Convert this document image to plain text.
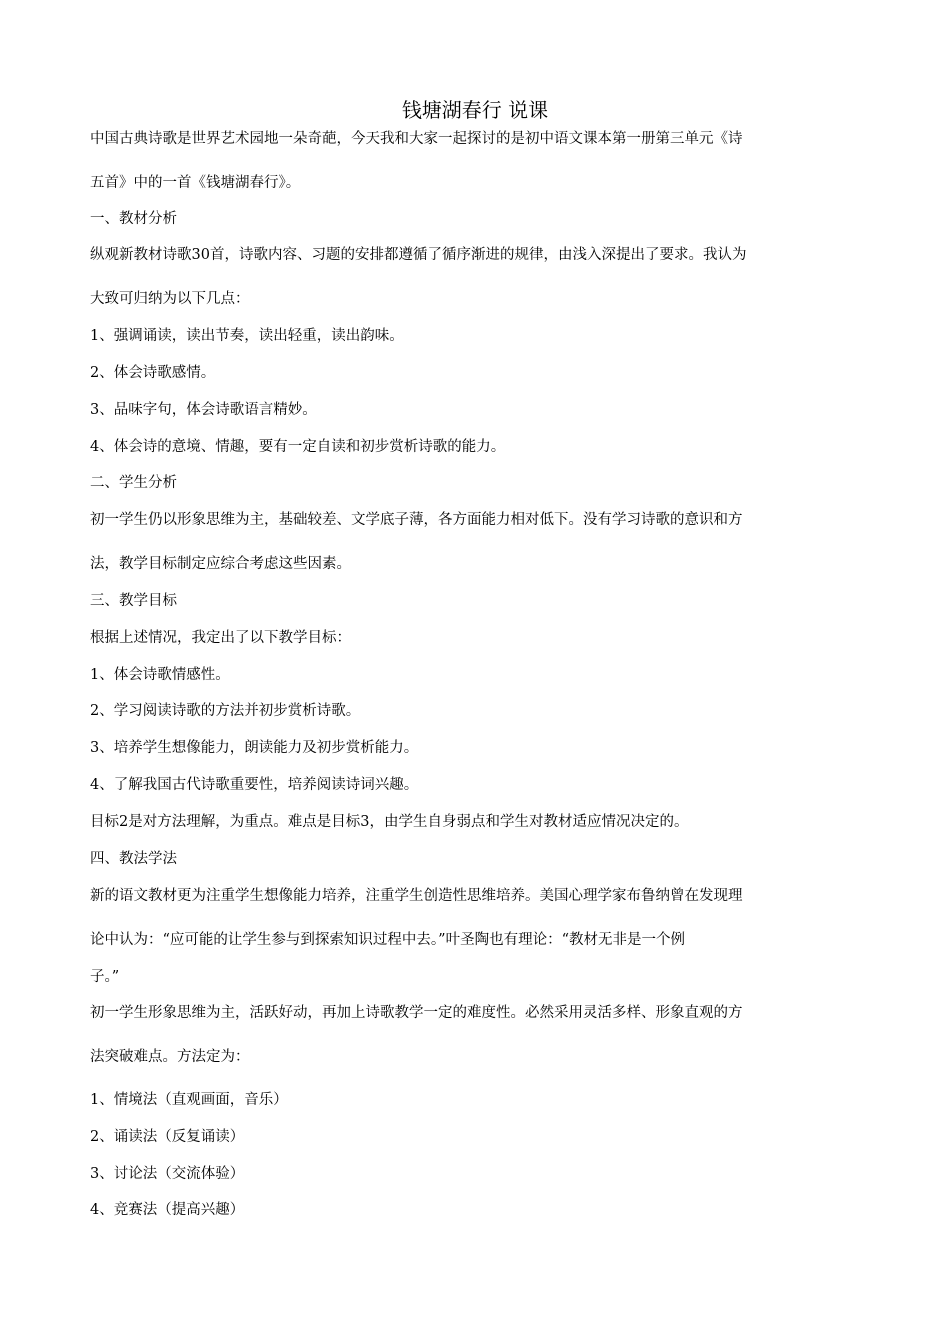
钱塘湖春行 说课
中国古典诗歌是世界艺术园地一朵奇葩，今天我和大家一起探讨的是初中语文课本第一册第三单元《诗
五首》中的一首《钱塘湖春行》。
一、教材分析
纵观新教材诗歌30首，诗歌内容、习题的安排都遵循了循序渐进的规律，由浅入深提出了要求。我认为
大致可归纳为以下几点：
1、强调诵读，读出节奏，读出轻重，读出韵味。
2、体会诗歌感情。
3、品味字句，体会诗歌语言精妙。
4、体会诗的意境、情趣，要有一定自读和初步赏析诗歌的能力。
二、学生分析
初一学生仍以形象思维为主，基础较差、文学底子薄，各方面能力相对低下。没有学习诗歌的意识和方
法，教学目标制定应综合考虑这些因素。
三、教学目标
根据上述情况，我定出了以下教学目标：
1、体会诗歌情感性。
2、学习阅读诗歌的方法并初步赏析诗歌。
3、培养学生想像能力，朗读能力及初步赏析能力。
4、了解我国古代诗歌重要性，培养阅读诗词兴趣。
目标2是对方法理解，为重点。难点是目标3，由学生自身弱点和学生对教材适应情况决定的。
四、教法学法
新的语文教材更为注重学生想像能力培养，注重学生创造性思维培养。美国心理学家布鲁纳曾在发现理
论中认为：“应可能的让学生参与到探索知识过程中去。”叶圣陶也有理论：“教材无非是一个例
子。”
初一学生形象思维为主，活跃好动，再加上诗歌教学一定的难度性。必然采用灵活多样、形象直观的方
法突破难点。方法定为：
1、情境法（直观画面，音乐）
2、诵读法（反复诵读）
3、讨论法（交流体验）
4、竞赛法（提高兴趣）
